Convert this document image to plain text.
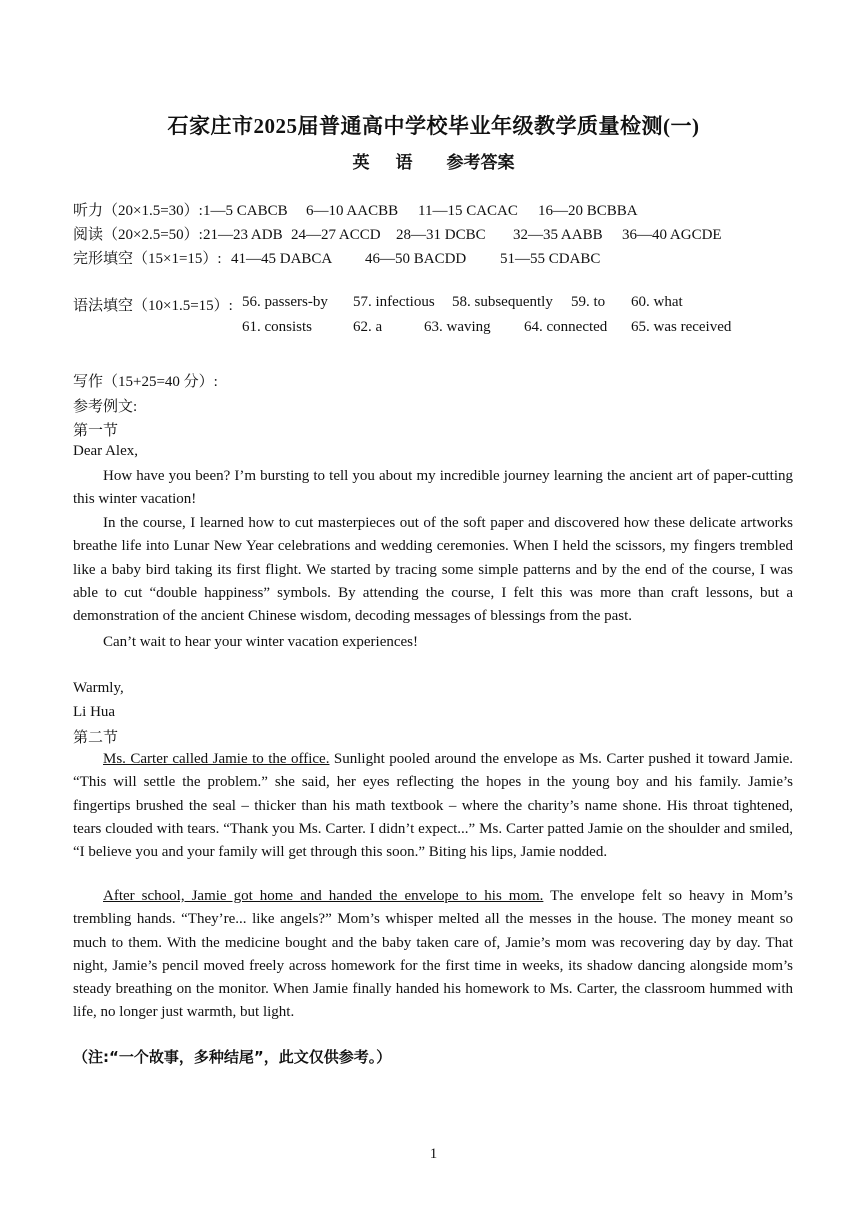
石家庄市2025届普通高中学校毕业年级教学质量检测(一)
英 语 参考答案
听力（20×1.5=30）:1—5 CABCB 6—10 AACBB 11—15 CACAC 16—20 BCBBA
阅读（20×2.5=50）:21—23 ADB 24—27 ACCD 28—31 DCBC 32—35 AABB 36—40 AGCDE
完形填空（15×1=15）: 41—45 DABCA 46—50 BACDD 51—55 CDABC
语法填空（10×1.5=15）: 56. passers-by 57. infectious 58. subsequently 59. to 60. what
61. consists	62. a	63. waving 64. connected 65. was received
写作（15+25=40 分）:
参考例文:
第一节
Dear Alex,
How have you been? I’m bursting to tell you about my incredible journey learning the ancient art of paper-cutting this winter vacation!
In the course, I learned how to cut masterpieces out of the soft paper and discovered how these delicate artworks breathe life into Lunar New Year celebrations and wedding ceremonies. When I held the scissors, my fingers trembled like a baby bird taking its first flight. We started by tracing some simple patterns and by the end of the course, I was able to cut “double happiness” symbols. By attending the course, I felt this was more than craft lessons, but a demonstration of the ancient Chinese wisdom, decoding messages of blessings from the past.
Can’t wait to hear your winter vacation experiences!
Warmly,
Li Hua
第二节
Ms. Carter called Jamie to the office. Sunlight pooled around the envelope as Ms. Carter pushed it toward Jamie. “This will settle the problem.” she said, her eyes reflecting the hopes in the young boy and his family. Jamie’s fingertips brushed the seal – thicker than his math textbook – where the charity’s name shone. His throat tightened, tears clouded with tears. “Thank you Ms. Carter. I didn’t expect...” Ms. Carter patted Jamie on the shoulder and smiled, “I believe you and your family will get through this soon.” Biting his lips, Jamie nodded.
After school, Jamie got home and handed the envelope to his mom. The envelope felt so heavy in Mom’s trembling hands. “They’re... like angels?” Mom’s whisper melted all the messes in the house. The money meant so much to them. With the medicine bought and the baby taken care of, Jamie’s mom was recovering day by day. That night, Jamie’s pencil moved freely across homework for the first time in weeks, its shadow dancing alongside mom’s steady breathing on the monitor. When Jamie finally handed his homework to Ms. Carter, the classroom hummed with life, no longer just warmth, but light.
（注:“一个故事，多种结尾”，此文仅供参考。）
1
